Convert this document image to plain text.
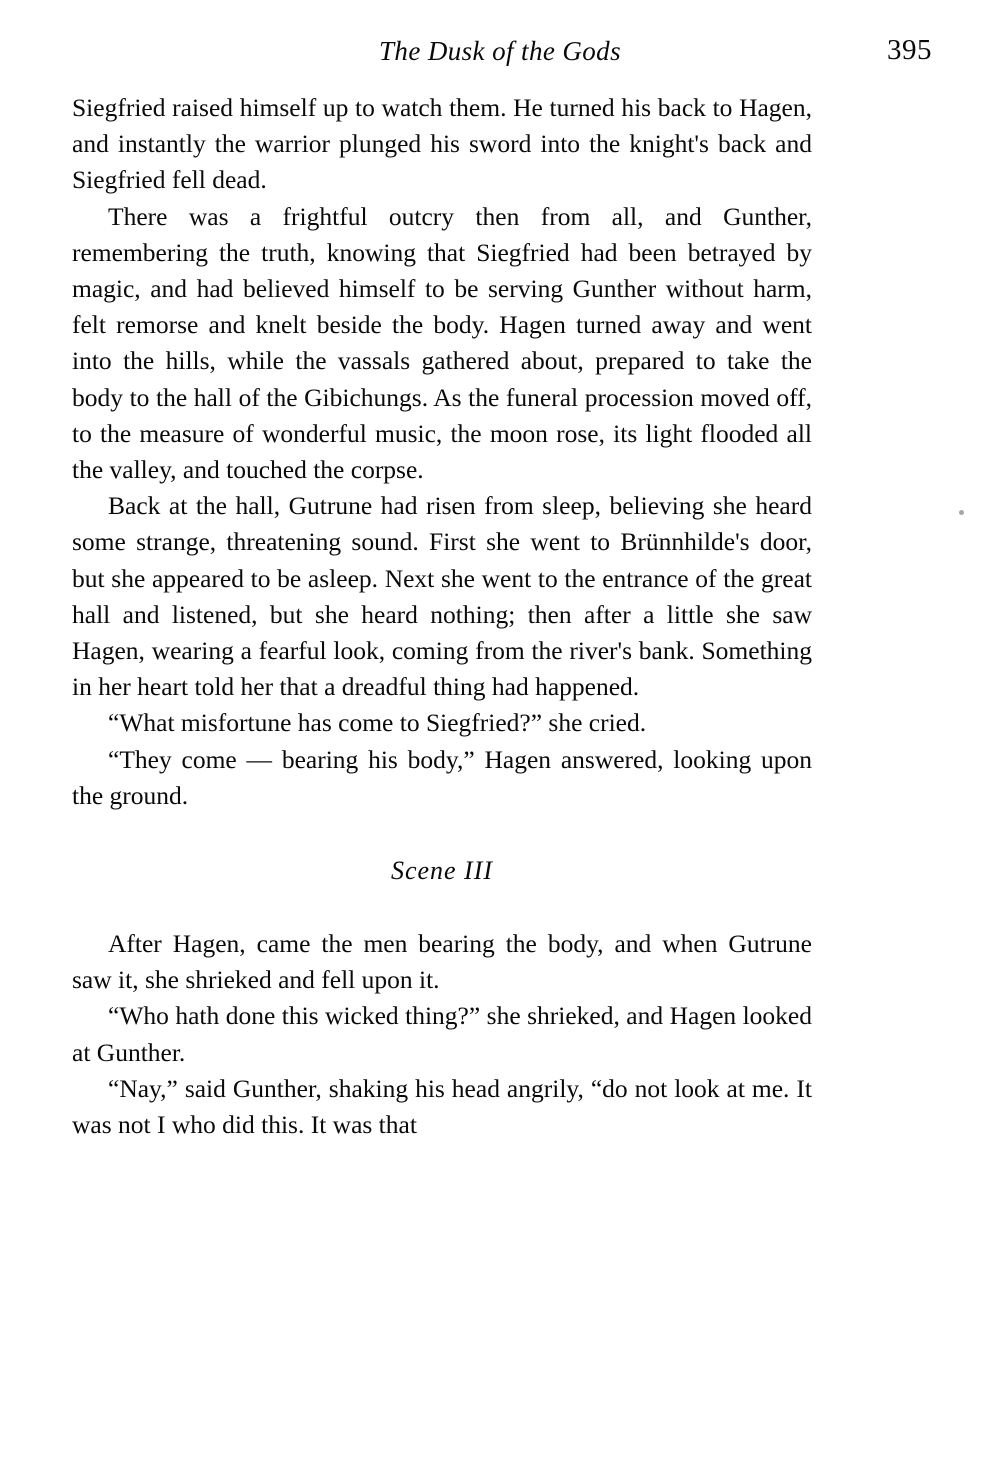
The Dusk of the Gods	395

Siegfried raised himself up to watch them. He turned his back to Hagen, and instantly the warrior plunged his sword into the knight's back and Siegfried fell dead.

There was a frightful outcry then from all, and Gunther, remembering the truth, knowing that Siegfried had been betrayed by magic, and had believed himself to be serving Gunther without harm, felt remorse and knelt beside the body. Hagen turned away and went into the hills, while the vassals gathered about, prepared to take the body to the hall of the Gibichungs. As the funeral procession moved off, to the measure of wonderful music, the moon rose, its light flooded all the valley, and touched the corpse.

Back at the hall, Gutrune had risen from sleep, believing she heard some strange, threatening sound. First she went to Brünnhilde's door, but she appeared to be asleep. Next she went to the entrance of the great hall and listened, but she heard nothing; then after a little she saw Hagen, wearing a fearful look, coming from the river's bank. Something in her heart told her that a dreadful thing had happened.

“What misfortune has come to Siegfried?” she cried.

“They come — bearing his body,” Hagen answered, looking upon the ground.

Scene III

After Hagen, came the men bearing the body, and when Gutrune saw it, she shrieked and fell upon it.

“Who hath done this wicked thing?” she shrieked, and Hagen looked at Gunther.

“Nay,” said Gunther, shaking his head angrily, “do not look at me. It was not I who did this. It was that
